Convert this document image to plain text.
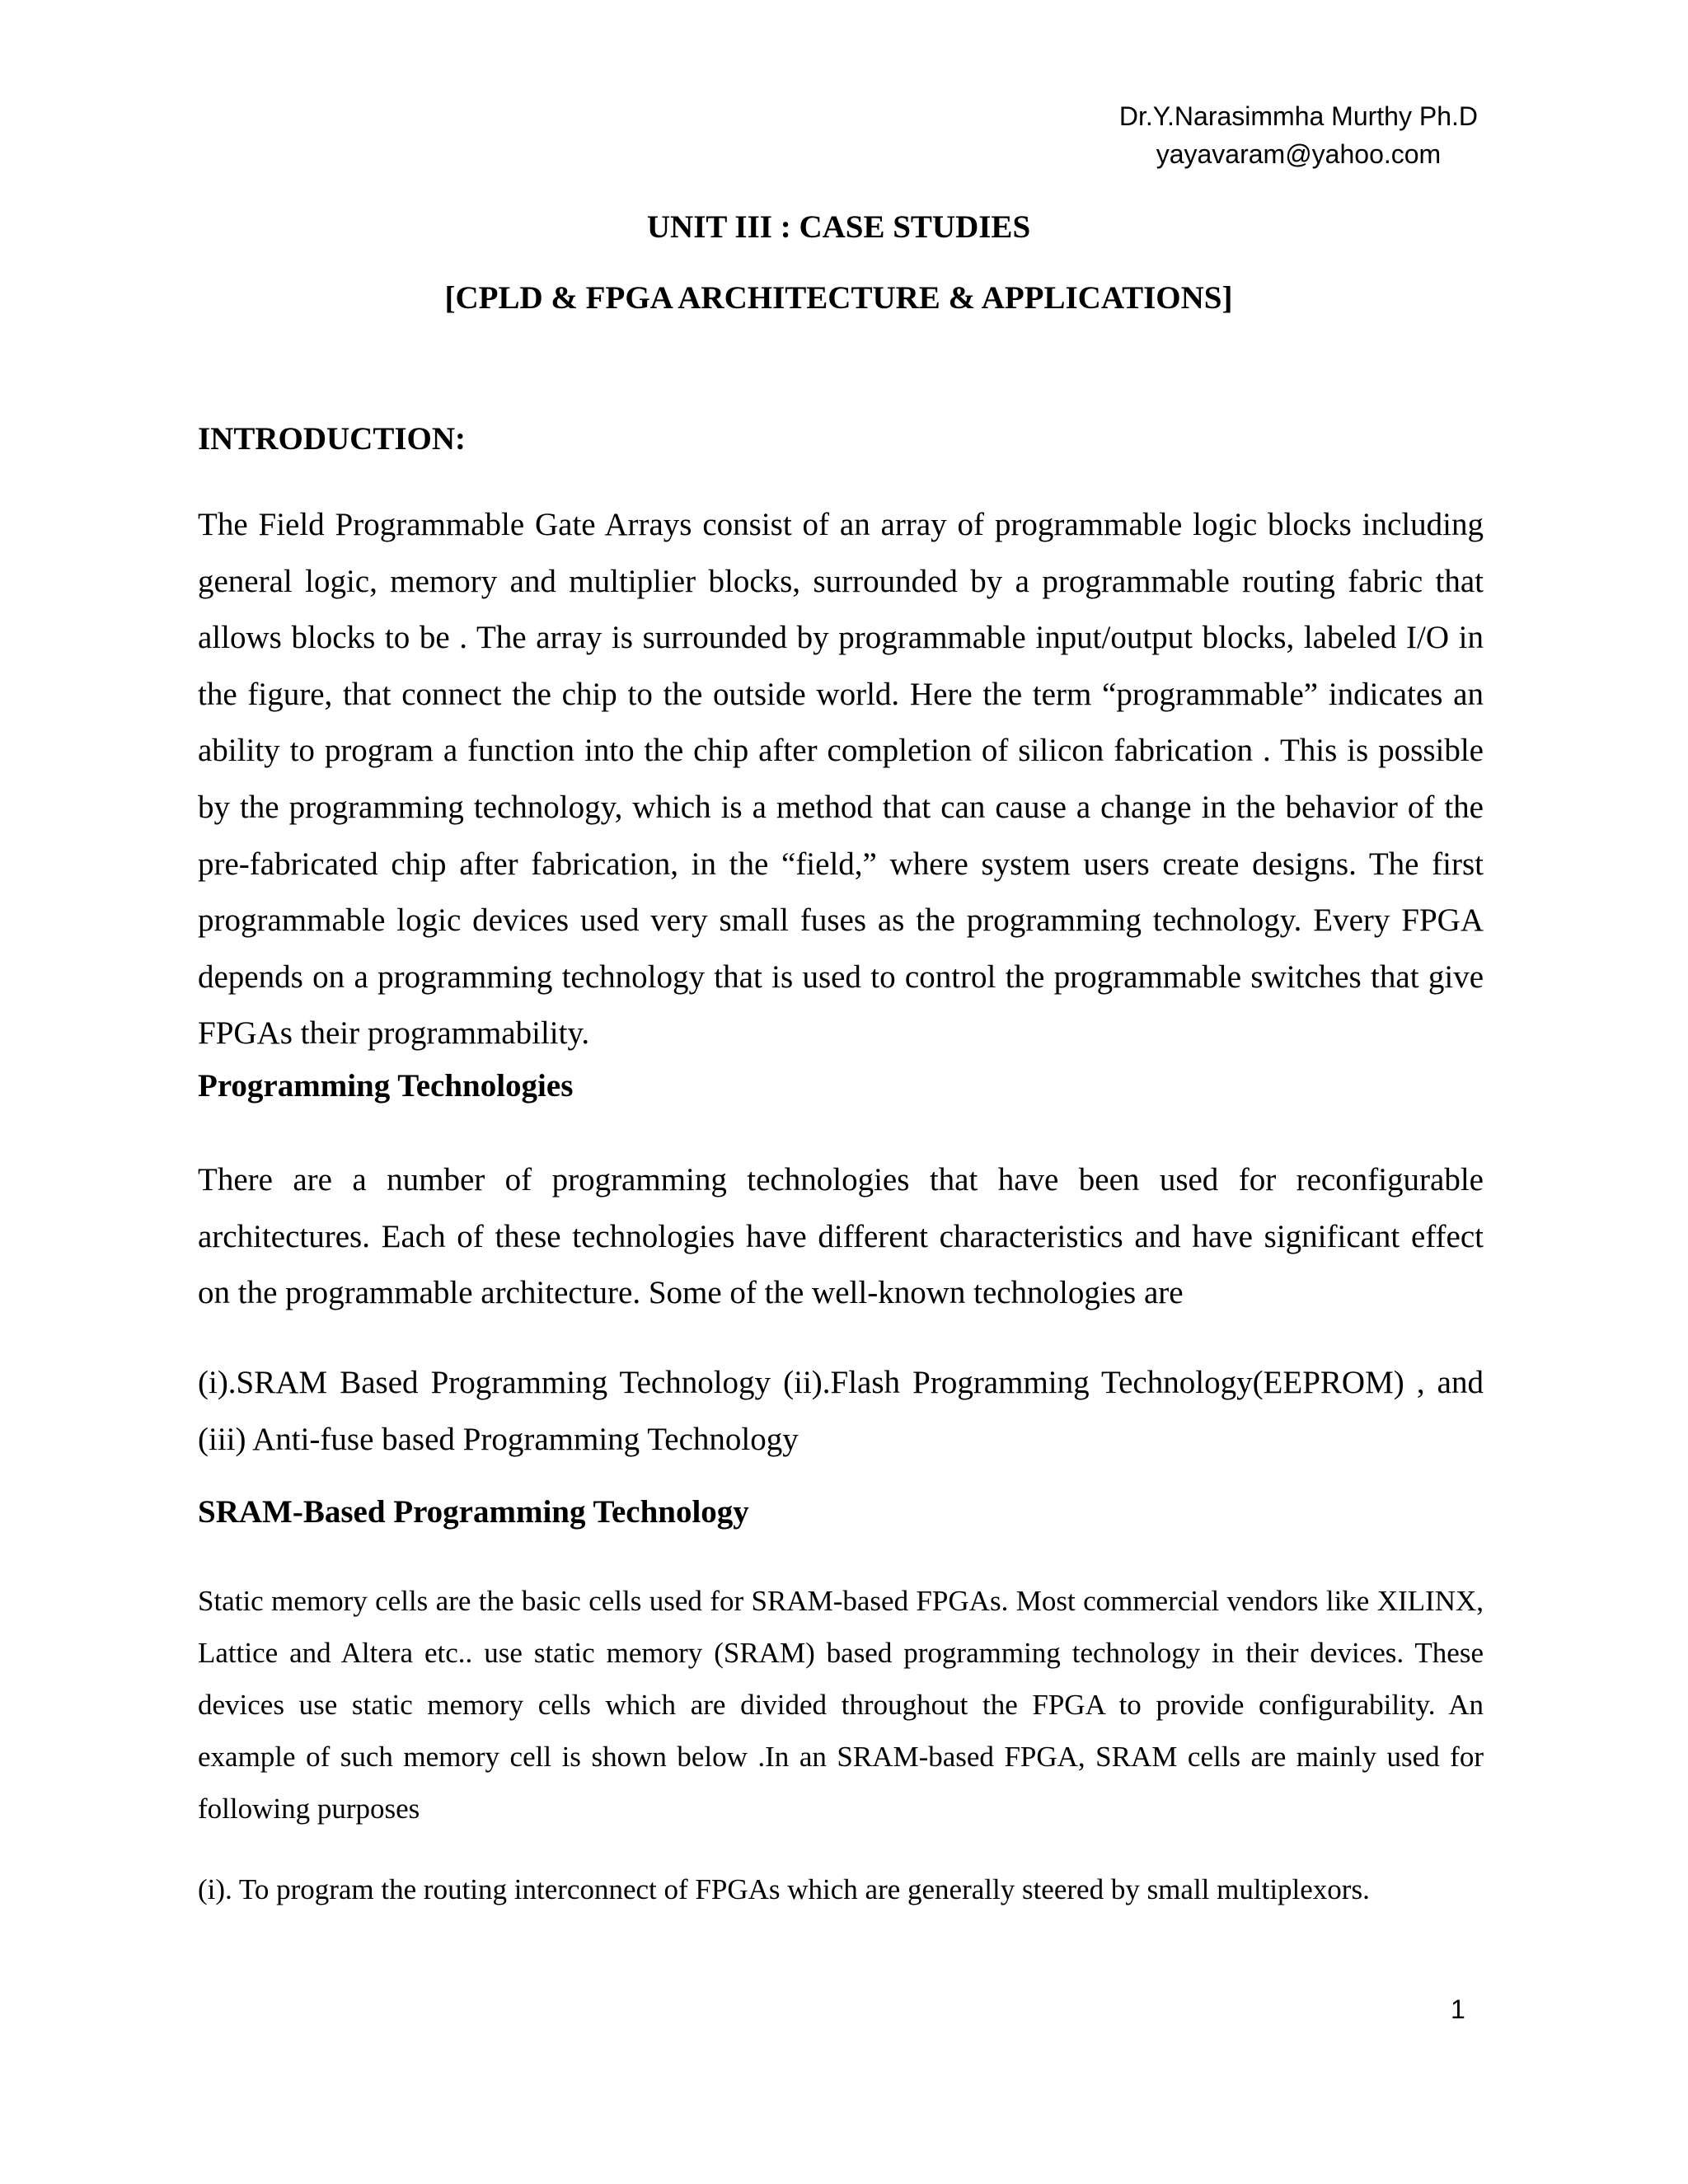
Dr.Y.Narasimmha Murthy Ph.D
yayavaram@yahoo.com
UNIT III : CASE STUDIES
[CPLD & FPGA ARCHITECTURE & APPLICATIONS]
INTRODUCTION:

The Field Programmable Gate Arrays consist of an array of programmable logic blocks including general logic, memory and multiplier blocks, surrounded by a programmable routing fabric that allows blocks to be . The array is surrounded by programmable input/output blocks, labeled I/O in the figure, that connect the chip to the outside world. Here the term “programmable” indicates an ability to program a function into the chip after completion of silicon fabrication . This is possible by the programming technology, which is a method that can cause a change in the behavior of the pre-fabricated chip after fabrication, in the “field,” where system users create designs. The first programmable logic devices used very small fuses as the programming technology. Every FPGA depends on a programming technology that is used to control the programmable switches that give FPGAs their programmability.

Programming Technologies

There are a number of programming technologies that have been used for reconfigurable architectures. Each of these technologies have different characteristics and have significant effect on the programmable architecture. Some of the well-known technologies are

(i).SRAM Based Programming Technology (ii).Flash Programming Technology(EEPROM) , and (iii) Anti-fuse based Programming Technology

SRAM-Based Programming Technology

Static memory cells are the basic cells used for SRAM-based FPGAs. Most commercial vendors like XILINX, Lattice and Altera etc.. use static memory (SRAM) based programming technology in their devices. These devices use static memory cells which are divided throughout the FPGA to provide configurability. An example of such memory cell is shown below .In an SRAM-based FPGA, SRAM cells are mainly used for following purposes

(i). To program the routing interconnect of FPGAs which are generally steered by small multiplexors.

1
